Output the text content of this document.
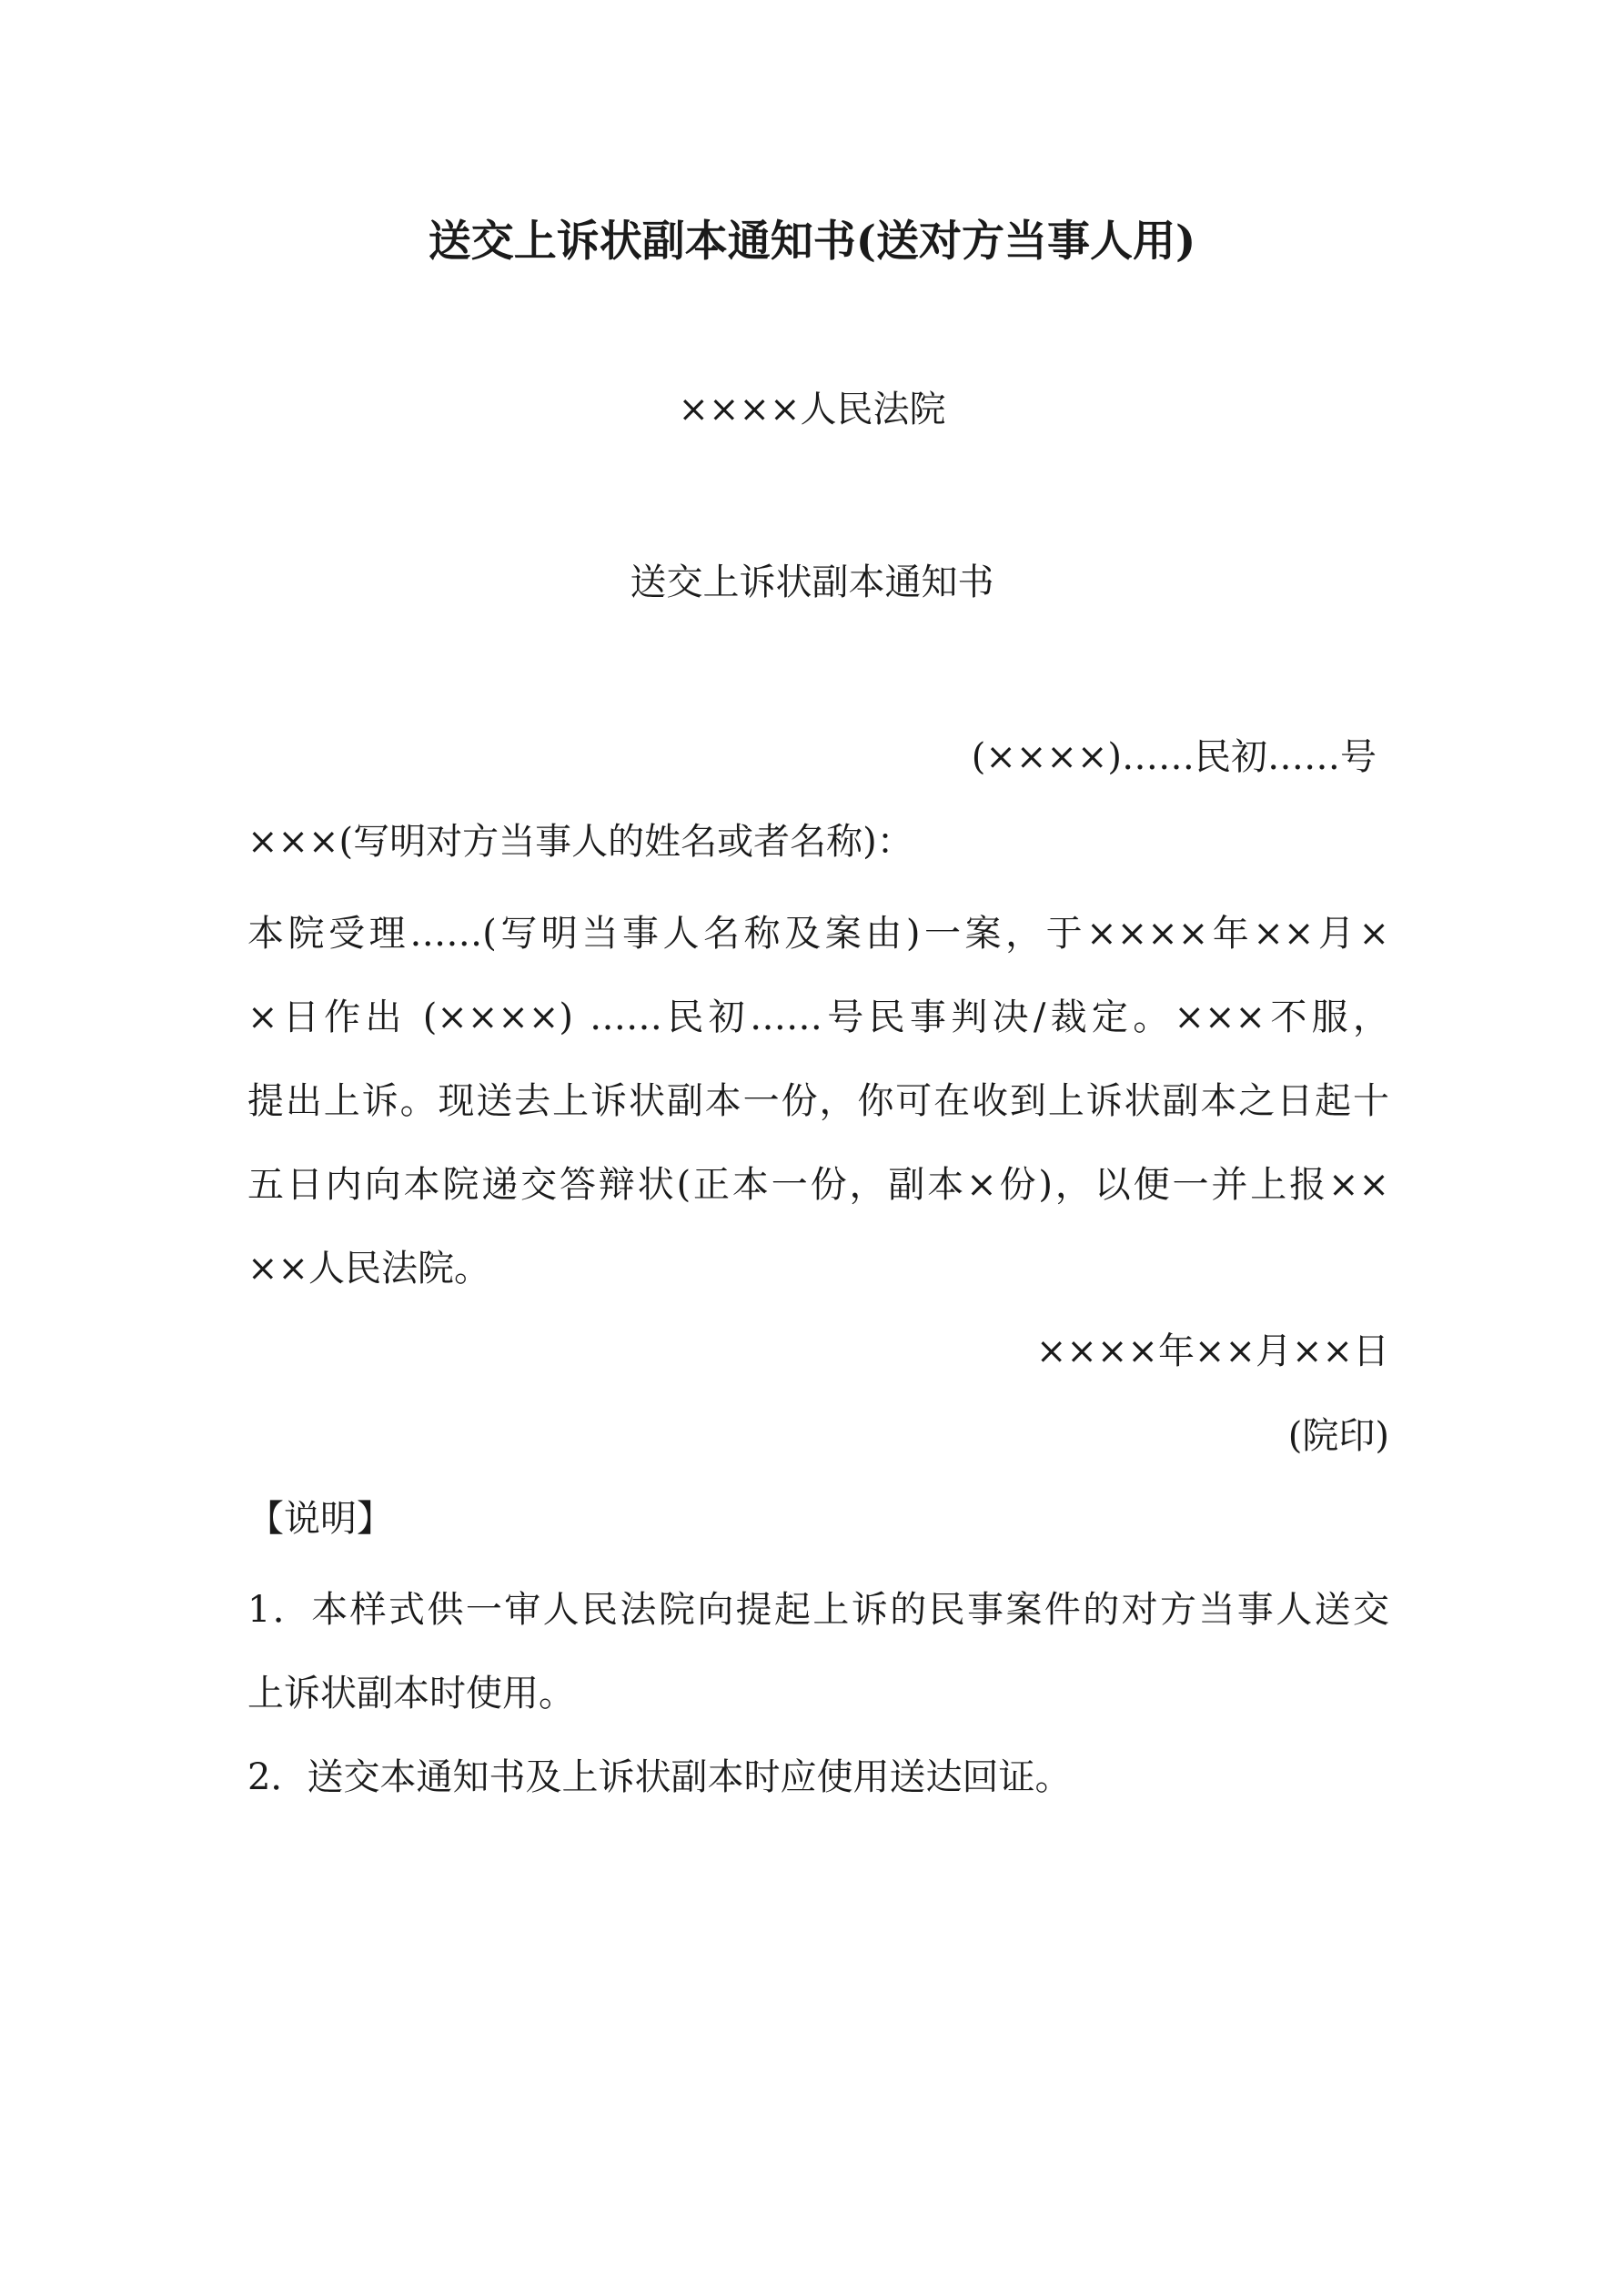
送交上诉状副本通知书(送对方当事人用)
××××人民法院
送交上诉状副本通知书
(××××)……民初……号
×××(写明对方当事人的姓名或者名称)：
本院受理……(写明当事人名称及案由)一案，于××××年××月×
×日作出 (××××) ……民初……号民事判决/裁定。×××不服，
提出上诉。现送去上诉状副本一份，你可在收到上诉状副本之日起十
五日内向本院递交答辩状(正本一份，副本×份)，以便一并上报××
××人民法院。
××××年××月××日
(院印)
【说明】
1．本样式供一审人民法院向提起上诉的民事案件的对方当事人送交
上诉状副本时使用。
2．送交本通知书及上诉状副本时应使用送达回证。
